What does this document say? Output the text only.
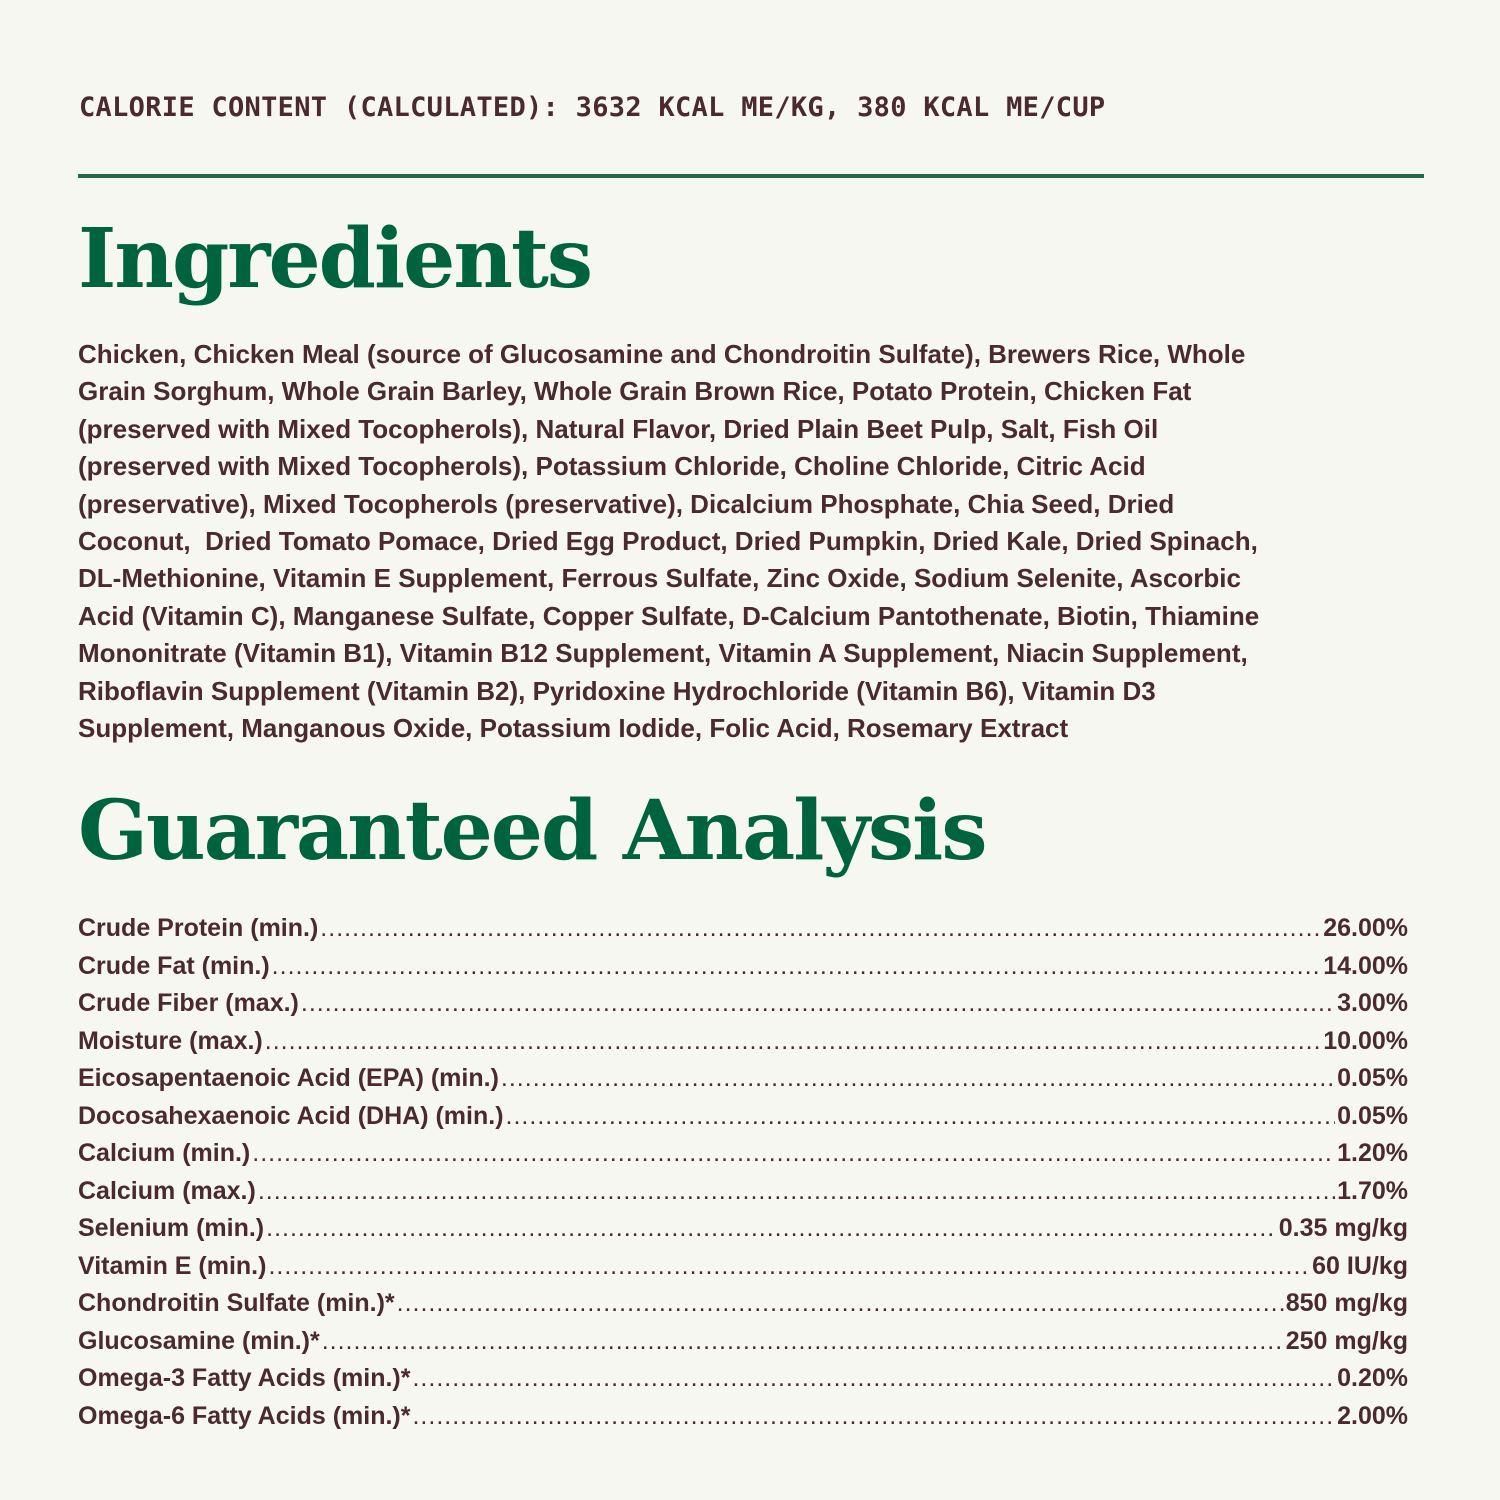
CALORIE CONTENT (CALCULATED): 3632 KCAL ME/KG, 380 KCAL ME/CUP
Ingredients
Chicken, Chicken Meal (source of Glucosamine and Chondroitin Sulfate), Brewers Rice, Whole
Grain Sorghum, Whole Grain Barley, Whole Grain Brown Rice, Potato Protein, Chicken Fat
(preserved with Mixed Tocopherols), Natural Flavor, Dried Plain Beet Pulp, Salt, Fish Oil
(preserved with Mixed Tocopherols), Potassium Chloride, Choline Chloride, Citric Acid
(preservative), Mixed Tocopherols (preservative), Dicalcium Phosphate, Chia Seed, Dried
Coconut,  Dried Tomato Pomace, Dried Egg Product, Dried Pumpkin, Dried Kale, Dried Spinach,
DL-Methionine, Vitamin E Supplement, Ferrous Sulfate, Zinc Oxide, Sodium Selenite, Ascorbic
Acid (Vitamin C), Manganese Sulfate, Copper Sulfate, D-Calcium Pantothenate, Biotin, Thiamine
Mononitrate (Vitamin B1), Vitamin B12 Supplement, Vitamin A Supplement, Niacin Supplement,
Riboflavin Supplement (Vitamin B2), Pyridoxine Hydrochloride (Vitamin B6), Vitamin D3
Supplement, Manganous Oxide, Potassium Iodide, Folic Acid, Rosemary Extract
Guaranteed Analysis
Crude Protein (min.) .....	26.00%
Crude Fat (min.) .....	14.00%
Crude Fiber (max.) .....	3.00%
Moisture (max.) .....	10.00%
Eicosapentaenoic Acid (EPA) (min.) .....	0.05%
Docosahexaenoic Acid (DHA) (min.) .....	0.05%
Calcium (min.) .....	1.20%
Calcium (max.) .....	1.70%
Selenium (min.) .....	0.35 mg/kg
Vitamin E (min.) .....	60 IU/kg
Chondroitin Sulfate (min.)* .....	850 mg/kg
Glucosamine (min.)* .....	250 mg/kg
Omega-3 Fatty Acids (min.)* .....	0.20%
Omega-6 Fatty Acids (min.)* .....	2.00%
